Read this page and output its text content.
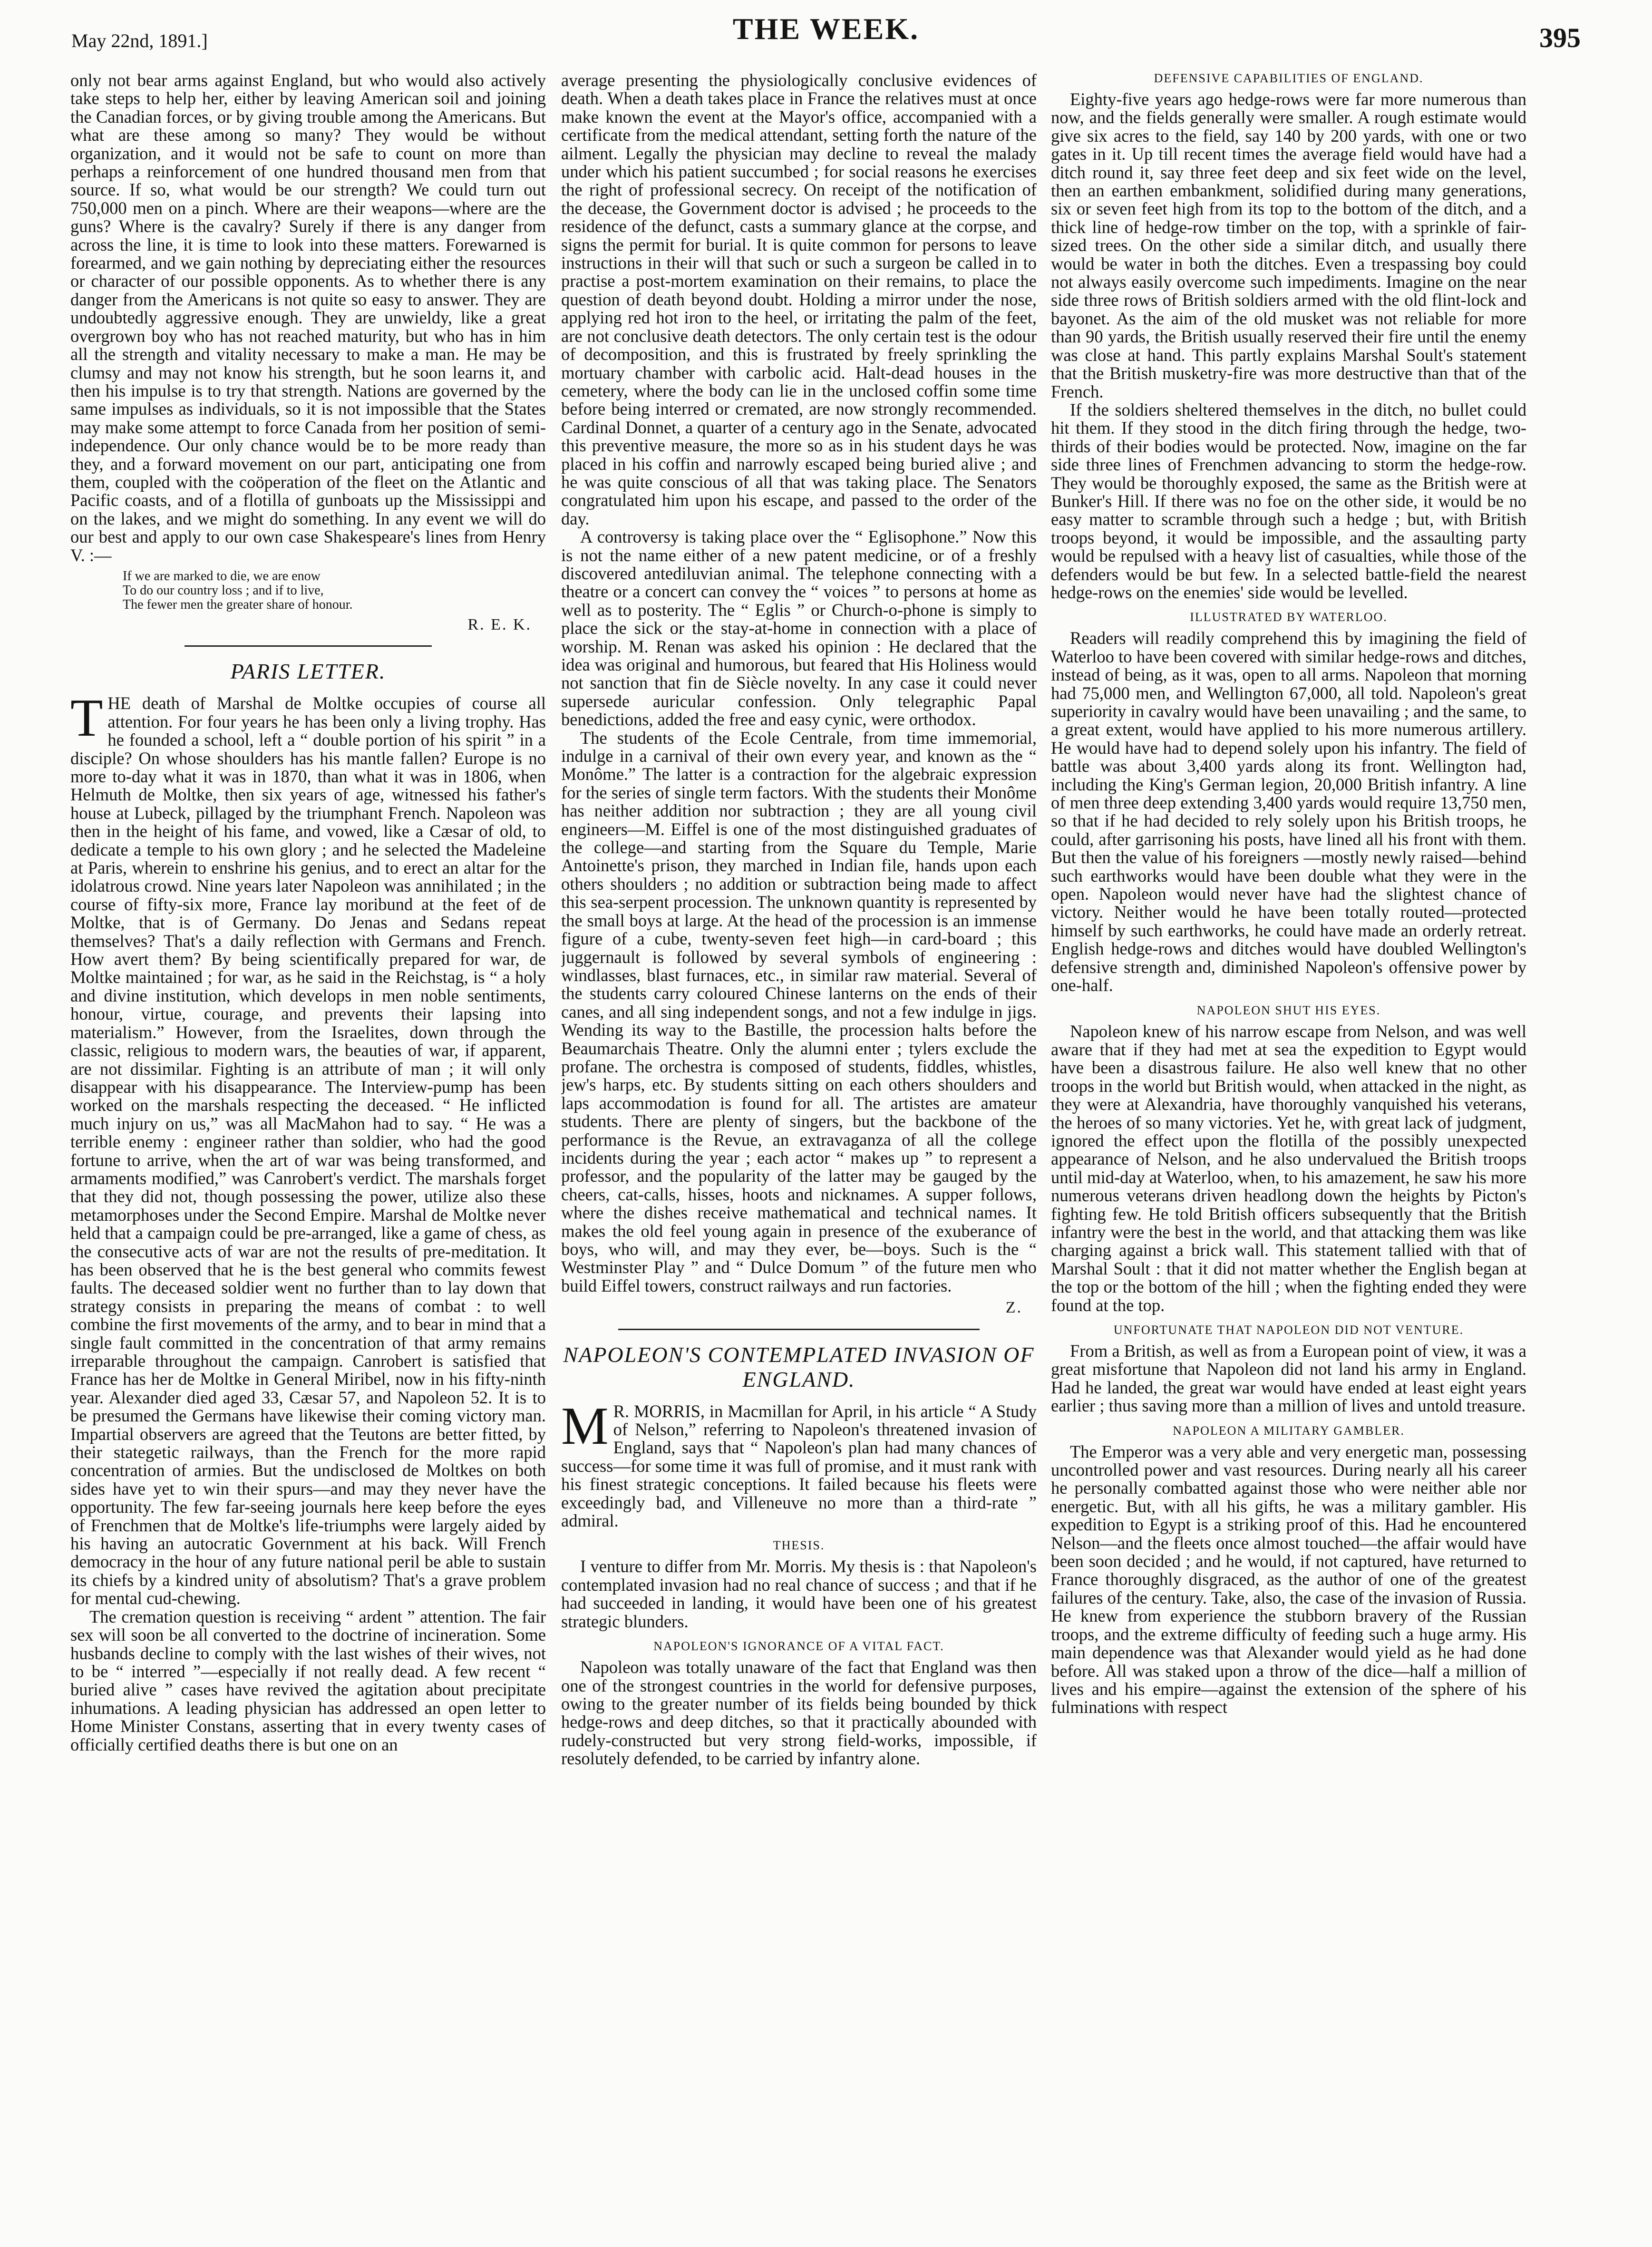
May 22nd, 1891.]	THE WEEK.	395

only not bear arms against England, but who would also actively take steps to help her, either by leaving American soil and joining the Canadian forces, or by giving trouble among the Americans. But what are these among so many? They would be without organization, and it would not be safe to count on more than perhaps a reinforcement of one hundred thousand men from that source. If so, what would be our strength? We could turn out 750,000 men on a pinch. Where are their weapons—where are the guns? Where is the cavalry? Surely if there is any danger from across the line, it is time to look into these matters. Forewarned is forearmed, and we gain nothing by depreciating either the resources or character of our possible opponents. As to whether there is any danger from the Americans is not quite so easy to answer. They are undoubtedly aggressive enough. They are unwieldy, like a great overgrown boy who has not reached maturity, but who has in him all the strength and vitality necessary to make a man. He may be clumsy and may not know his strength, but he soon learns it, and then his impulse is to try that strength. Nations are governed by the same impulses as individuals, so it is not impossible that the States may make some attempt to force Canada from her position of semi-independence. Our only chance would be to be more ready than they, and a forward movement on our part, anticipating one from them, coupled with the coöperation of the fleet on the Atlantic and Pacific coasts, and of a flotilla of gunboats up the Mississippi and on the lakes, and we might do something. In any event we will do our best and apply to our own case Shakespeare's lines from Henry V. :—

If we are marked to die, we are enow
To do our country loss ; and if to live,
The fewer men the greater share of honour.
R. E. K.
PARIS LETTER.

THE death of Marshal de Moltke occupies of course all attention. For four years he has been only a living trophy. Has he founded a school, left a “ double portion of his spirit ” in a disciple? On whose shoulders has his mantle fallen? Europe is no more to-day what it was in 1870, than what it was in 1806, when Helmuth de Moltke, then six years of age, witnessed his father's house at Lubeck, pillaged by the triumphant French. Napoleon was then in the height of his fame, and vowed, like a Cæsar of old, to dedicate a temple to his own glory ; and he selected the Madeleine at Paris, wherein to enshrine his genius, and to erect an altar for the idolatrous crowd. Nine years later Napoleon was annihilated ; in the course of fifty-six more, France lay moribund at the feet of de Moltke, that is of Germany. Do Jenas and Sedans repeat themselves? That's a daily reflection with Germans and French. How avert them? By being scientifically prepared for war, de Moltke maintained ; for war, as he said in the Reichstag, is “ a holy and divine institution, which develops in men noble sentiments, honour, virtue, courage, and prevents their lapsing into materialism.” However, from the Israelites, down through the classic, religious to modern wars, the beauties of war, if apparent, are not dissimilar. Fighting is an attribute of man ; it will only disappear with his disappearance. The Interview-pump has been worked on the marshals respecting the deceased. “ He inflicted much injury on us,” was all MacMahon had to say. “ He was a terrible enemy : engineer rather than soldier, who had the good fortune to arrive, when the art of war was being transformed, and armaments modified,” was Canrobert's verdict. The marshals forget that they did not, though possessing the power, utilize also these metamorphoses under the Second Empire. Marshal de Moltke never held that a campaign could be pre-arranged, like a game of chess, as the consecutive acts of war are not the results of pre-meditation. It has been observed that he is the best general who commits fewest faults. The deceased soldier went no further than to lay down that strategy consists in preparing the means of combat : to well combine the first movements of the army, and to bear in mind that a single fault committed in the concentration of that army remains irreparable throughout the campaign. Canrobert is satisfied that France has her de Moltke in General Miribel, now in his fifty-ninth year. Alexander died aged 33, Cæsar 57, and Napoleon 52. It is to be presumed the Germans have likewise their coming victory man. Impartial observers are agreed that the Teutons are better fitted, by their stategetic railways, than the French for the more rapid concentration of armies. But the undisclosed de Moltkes on both sides have yet to win their spurs—and may they never have the opportunity. The few far-seeing journals here keep before the eyes of Frenchmen that de Moltke's life-triumphs were largely aided by his having an autocratic Government at his back. Will French democracy in the hour of any future national peril be able to sustain its chiefs by a kindred unity of absolutism? That's a grave problem for mental cud-chewing.

The cremation question is receiving “ ardent ” attention. The fair sex will soon be all converted to the doctrine of incineration. Some husbands decline to comply with the last wishes of their wives, not to be “ interred ”—especially if not really dead. A few recent “ buried alive ” cases have revived the agitation about precipitate inhumations. A leading physician has addressed an open letter to Home Minister Constans, asserting that in every twenty cases of officially certified deaths there is but one on an

average presenting the physiologically conclusive evidences of death. When a death takes place in France the relatives must at once make known the event at the Mayor's office, accompanied with a certificate from the medical attendant, setting forth the nature of the ailment. Legally the physician may decline to reveal the malady under which his patient succumbed ; for social reasons he exercises the right of professional secrecy. On receipt of the notification of the decease, the Government doctor is advised ; he proceeds to the residence of the defunct, casts a summary glance at the corpse, and signs the permit for burial. It is quite common for persons to leave instructions in their will that such or such a surgeon be called in to practise a post-mortem examination on their remains, to place the question of death beyond doubt. Holding a mirror under the nose, applying red hot iron to the heel, or irritating the palm of the feet, are not conclusive death detectors. The only certain test is the odour of decomposition, and this is frustrated by freely sprinkling the mortuary chamber with carbolic acid. Halt-dead houses in the cemetery, where the body can lie in the unclosed coffin some time before being interred or cremated, are now strongly recommended. Cardinal Donnet, a quarter of a century ago in the Senate, advocated this preventive measure, the more so as in his student days he was placed in his coffin and narrowly escaped being buried alive ; and he was quite conscious of all that was taking place. The Senators congratulated him upon his escape, and passed to the order of the day.

A controversy is taking place over the “ Eglisophone.” Now this is not the name either of a new patent medicine, or of a freshly discovered antediluvian animal. The telephone connecting with a theatre or a concert can convey the “ voices ” to persons at home as well as to posterity. The “ Eglis ” or Church-o-phone is simply to place the sick or the stay-at-home in connection with a place of worship. M. Renan was asked his opinion : He declared that the idea was original and humorous, but feared that His Holiness would not sanction that fin de Siècle novelty. In any case it could never supersede auricular confession. Only telegraphic Papal benedictions, added the free and easy cynic, were orthodox.

The students of the Ecole Centrale, from time immemorial, indulge in a carnival of their own every year, and known as the “ Monôme.” The latter is a contraction for the algebraic expression for the series of single term factors. With the students their Monôme has neither addition nor subtraction ; they are all young civil engineers—M. Eiffel is one of the most distinguished graduates of the college—and starting from the Square du Temple, Marie Antoinette's prison, they marched in Indian file, hands upon each others shoulders ; no addition or subtraction being made to affect this sea-serpent procession. The unknown quantity is represented by the small boys at large. At the head of the procession is an immense figure of a cube, twenty-seven feet high—in card-board ; this juggernault is followed by several symbols of engineering : windlasses, blast furnaces, etc., in similar raw material. Several of the students carry coloured Chinese lanterns on the ends of their canes, and all sing independent songs, and not a few indulge in jigs. Wending its way to the Bastille, the procession halts before the Beaumarchais Theatre. Only the alumni enter ; tylers exclude the profane. The orchestra is composed of students, fiddles, whistles, jew's harps, etc. By students sitting on each others shoulders and laps accommodation is found for all. The artistes are amateur students. There are plenty of singers, but the backbone of the performance is the Revue, an extravaganza of all the college incidents during the year ; each actor “ makes up ” to represent a professor, and the popularity of the latter may be gauged by the cheers, cat-calls, hisses, hoots and nicknames. A supper follows, where the dishes receive mathematical and technical names. It makes the old feel young again in presence of the exuberance of boys, who will, and may they ever, be—boys. Such is the “ Westminster Play ” and “ Dulce Domum ” of the future men who build Eiffel towers, construct railways and run factories.

Z.
NAPOLEON'S CONTEMPLATED INVASION OF ENGLAND.

M R. MORRIS, in Macmillan for April, in his article “ A Study of Nelson,” referring to Napoleon's threatened invasion of England, says that “ Napoleon's plan had many chances of success—for some time it was full of promise, and it must rank with his finest strategic conceptions. It failed because his fleets were exceedingly bad, and Villeneuve no more than a third-rate ” admiral.

THESIS.

I venture to differ from Mr. Morris. My thesis is : that Napoleon's contemplated invasion had no real chance of success ; and that if he had succeeded in landing, it would have been one of his greatest strategic blunders.

NAPOLEON'S IGNORANCE OF A VITAL FACT.

Napoleon was totally unaware of the fact that England was then one of the strongest countries in the world for defensive purposes, owing to the greater number of its fields being bounded by thick hedge-rows and deep ditches, so that it practically abounded with rudely-constructed but very strong field-works, impossible, if resolutely defended, to be carried by infantry alone.

DEFENSIVE CAPABILITIES OF ENGLAND.

Eighty-five years ago hedge-rows were far more numerous than now, and the fields generally were smaller. A rough estimate would give six acres to the field, say 140 by 200 yards, with one or two gates in it. Up till recent times the average field would have had a ditch round it, say three feet deep and six feet wide on the level, then an earthen embankment, solidified during many generations, six or seven feet high from its top to the bottom of the ditch, and a thick line of hedge-row timber on the top, with a sprinkle of fair-sized trees. On the other side a similar ditch, and usually there would be water in both the ditches. Even a trespassing boy could not always easily overcome such impediments. Imagine on the near side three rows of British soldiers armed with the old flint-lock and bayonet. As the aim of the old musket was not reliable for more than 90 yards, the British usually reserved their fire until the enemy was close at hand. This partly explains Marshal Soult's statement that the British musketry-fire was more destructive than that of the French.

If the soldiers sheltered themselves in the ditch, no bullet could hit them. If they stood in the ditch firing through the hedge, two-thirds of their bodies would be protected. Now, imagine on the far side three lines of Frenchmen advancing to storm the hedge-row. They would be thoroughly exposed, the same as the British were at Bunker's Hill. If there was no foe on the other side, it would be no easy matter to scramble through such a hedge ; but, with British troops beyond, it would be impossible, and the assaulting party would be repulsed with a heavy list of casualties, while those of the defenders would be but few. In a selected battle-field the nearest hedge-rows on the enemies' side would be levelled.

ILLUSTRATED BY WATERLOO.

Readers will readily comprehend this by imagining the field of Waterloo to have been covered with similar hedge-rows and ditches, instead of being, as it was, open to all arms. Napoleon that morning had 75,000 men, and Wellington 67,000, all told. Napoleon's great superiority in cavalry would have been unavailing ; and the same, to a great extent, would have applied to his more numerous artillery. He would have had to depend solely upon his infantry. The field of battle was about 3,400 yards along its front. Wellington had, including the King's German legion, 20,000 British infantry. A line of men three deep extending 3,400 yards would require 13,750 men, so that if he had decided to rely solely upon his British troops, he could, after garrisoning his posts, have lined all his front with them. But then the value of his foreigners —mostly newly raised—behind such earthworks would have been double what they were in the open. Napoleon would never have had the slightest chance of victory. Neither would he have been totally routed—protected himself by such earthworks, he could have made an orderly retreat. English hedge-rows and ditches would have doubled Wellington's defensive strength and, diminished Napoleon's offensive power by one-half.

NAPOLEON SHUT HIS EYES.

Napoleon knew of his narrow escape from Nelson, and was well aware that if they had met at sea the expedition to Egypt would have been a disastrous failure. He also well knew that no other troops in the world but British would, when attacked in the night, as they were at Alexandria, have thoroughly vanquished his veterans, the heroes of so many victories. Yet he, with great lack of judgment, ignored the effect upon the flotilla of the possibly unexpected appearance of Nelson, and he also undervalued the British troops until mid-day at Waterloo, when, to his amazement, he saw his more numerous veterans driven headlong down the heights by Picton's fighting few. He told British officers subsequently that the British infantry were the best in the world, and that attacking them was like charging against a brick wall. This statement tallied with that of Marshal Soult : that it did not matter whether the English began at the top or the bottom of the hill ; when the fighting ended they were found at the top.

UNFORTUNATE THAT NAPOLEON DID NOT VENTURE.

From a British, as well as from a European point of view, it was a great misfortune that Napoleon did not land his army in England. Had he landed, the great war would have ended at least eight years earlier ; thus saving more than a million of lives and untold treasure.

NAPOLEON A MILITARY GAMBLER.

The Emperor was a very able and very energetic man, possessing uncontrolled power and vast resources. During nearly all his career he personally combatted against those who were neither able nor energetic. But, with all his gifts, he was a military gambler. His expedition to Egypt is a striking proof of this. Had he encountered Nelson—and the fleets once almost touched—the affair would have been soon decided ; and he would, if not captured, have returned to France thoroughly disgraced, as the author of one of the greatest failures of the century. Take, also, the case of the invasion of Russia. He knew from experience the stubborn bravery of the Russian troops, and the extreme difficulty of feeding such a huge army. His main dependence was that Alexander would yield as he had done before. All was staked upon a throw of the dice—half a million of lives and his empire—against the extension of the sphere of his fulminations with respect
